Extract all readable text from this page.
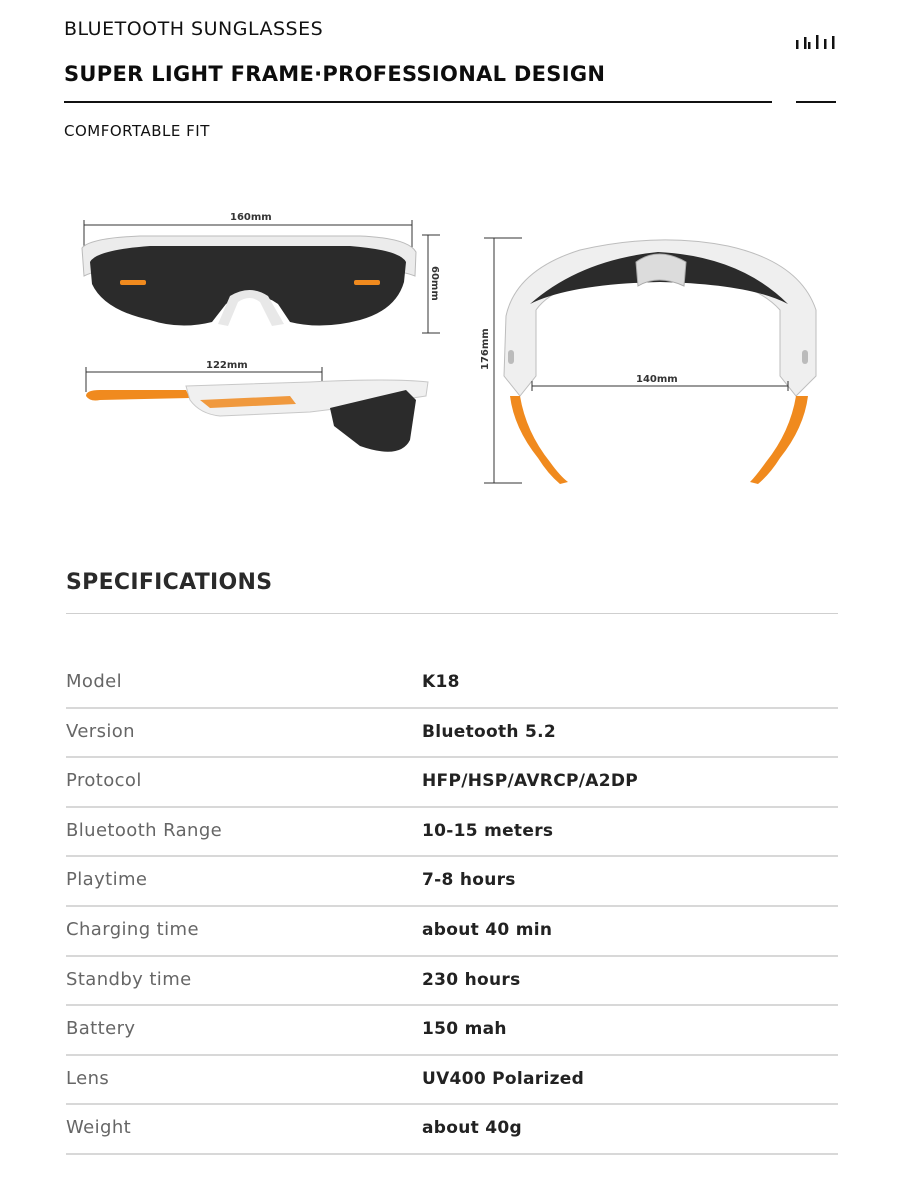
BLUETOOTH SUNGLASSES
SUPER LIGHT FRAME·PROFESSIONAL DESIGN
COMFORTABLE FIT
160mm
60mm
122mm	176mm
140mm
SPECIFICATIONS
Model	K18
Version	Bluetooth 5.2
Protocol	HFP/HSP/AVRCP/A2DP
Bluetooth Range	10-15 meters
Playtime	7-8 hours
Charging time	about 40 min
Standby time	230 hours
Battery	150 mah
Lens	UV400 Polarized
Weight	about 40g
